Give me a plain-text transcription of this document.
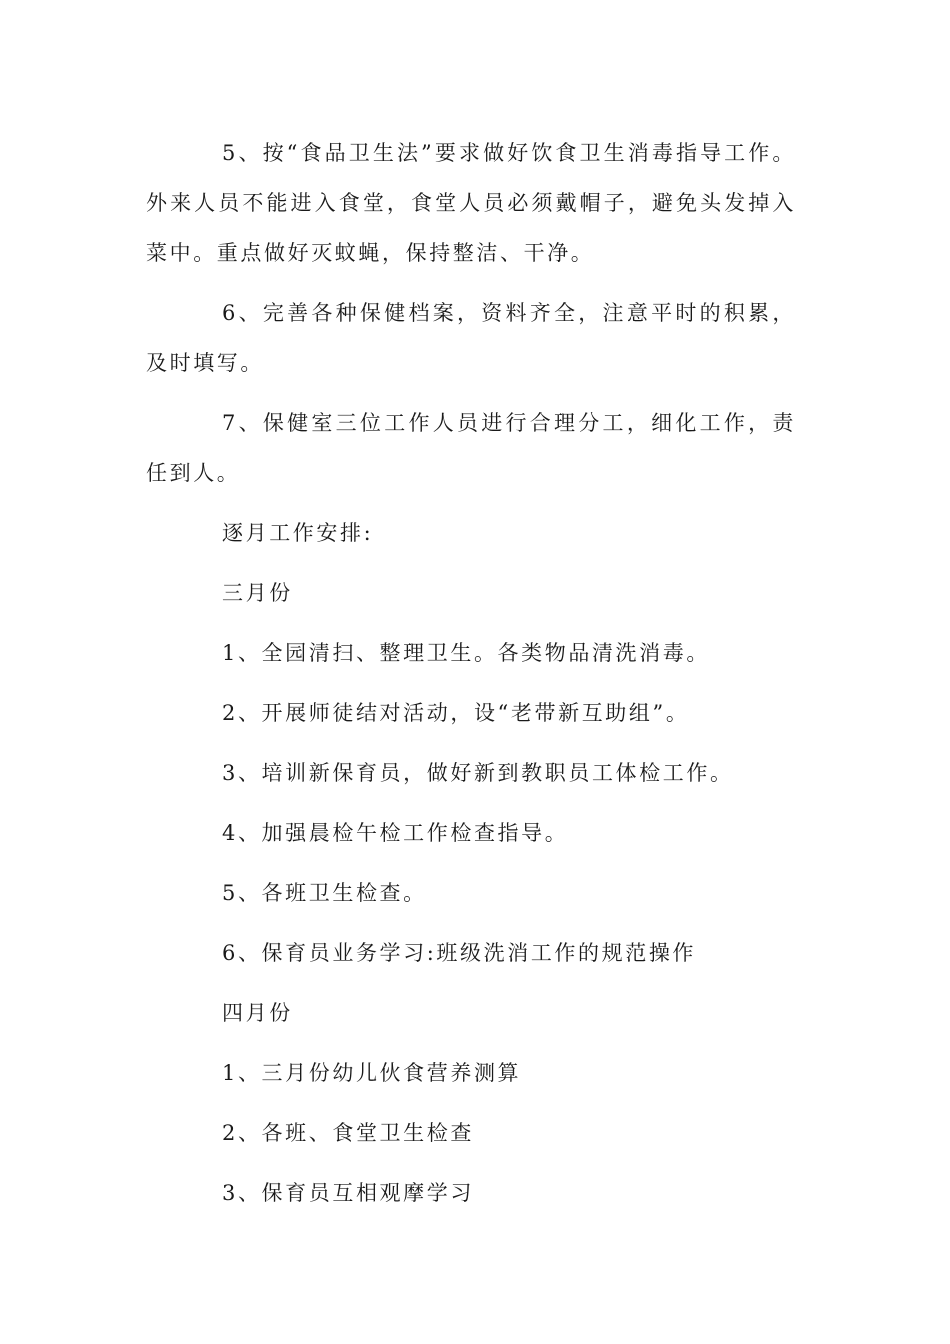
5、按“食品卫生法”要求做好饮食卫生消毒指导工作。外来人员不能进入食堂，食堂人员必须戴帽子，避免头发掉入菜中。重点做好灭蚊蝇，保持整洁、干净。

6、完善各种保健档案，资料齐全，注意平时的积累，及时填写。

7、保健室三位工作人员进行合理分工，细化工作，责任到人。

逐月工作安排:

三月份

1、全园清扫、整理卫生。各类物品清洗消毒。

2、开展师徒结对活动，设“老带新互助组”。

3、培训新保育员，做好新到教职员工体检工作。

4、加强晨检午检工作检查指导。

5、各班卫生检查。

6、保育员业务学习:班级洗消工作的规范操作

四月份

1、三月份幼儿伙食营养测算

2、各班、食堂卫生检查

3、保育员互相观摩学习
